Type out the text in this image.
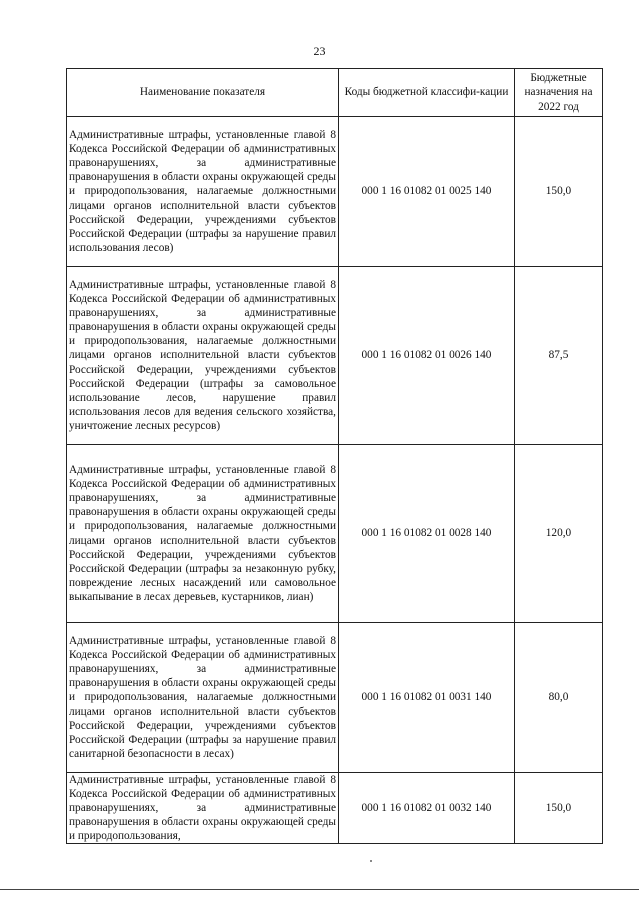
23
Наименование показателя	Коды бюджетной классифи-кации	Бюджетные назначения на 2022 год
Административные штрафы, установленные главой 8 Кодекса Российской Федерации об административных правонарушениях, за административные правонарушения в области охраны окружающей среды и природопользования, налагаемые должностными лицами органов исполнительной власти субъектов Российской Федерации, учреждениями субъектов Российской Федерации (штрафы за нарушение правил использования лесов)	000 1 16 01082 01 0025 140	150,0
Административные штрафы, установленные главой 8 Кодекса Российской Федерации об административных правонарушениях, за административные правонарушения в области охраны окружающей среды и природопользования, налагаемые должностными лицами органов исполнительной власти субъектов Российской Федерации, учреждениями субъектов Российской Федерации (штрафы за самовольное использование лесов, нарушение правил использования лесов для ведения сельского хозяйства, уничтожение лесных ресурсов)	000 1 16 01082 01 0026 140	87,5
Административные штрафы, установленные главой 8 Кодекса Российской Федерации об административных правонарушениях, за административные правонарушения в области охраны окружающей среды и природопользования, налагаемые должностными лицами органов исполнительной власти субъектов Российской Федерации, учреждениями субъектов Российской Федерации (штрафы за незаконную рубку, повреждение лесных насаждений или самовольное выкапывание в лесах деревьев, кустарников, лиан)	000 1 16 01082 01 0028 140	120,0
Административные штрафы, установленные главой 8 Кодекса Российской Федерации об административных правонарушениях, за административные правонарушения в области охраны окружающей среды и природопользования, налагаемые должностными лицами органов исполнительной власти субъектов Российской Федерации, учреждениями субъектов Российской Федерации (штрафы за нарушение правил санитарной безопасности в лесах)	000 1 16 01082 01 0031 140	80,0
Административные штрафы, установленные главой 8 Кодекса Российской Федерации об административных правонарушениях, за административные правонарушения в области охраны окружающей среды и природопользования,	000 1 16 01082 01 0032 140	150,0
